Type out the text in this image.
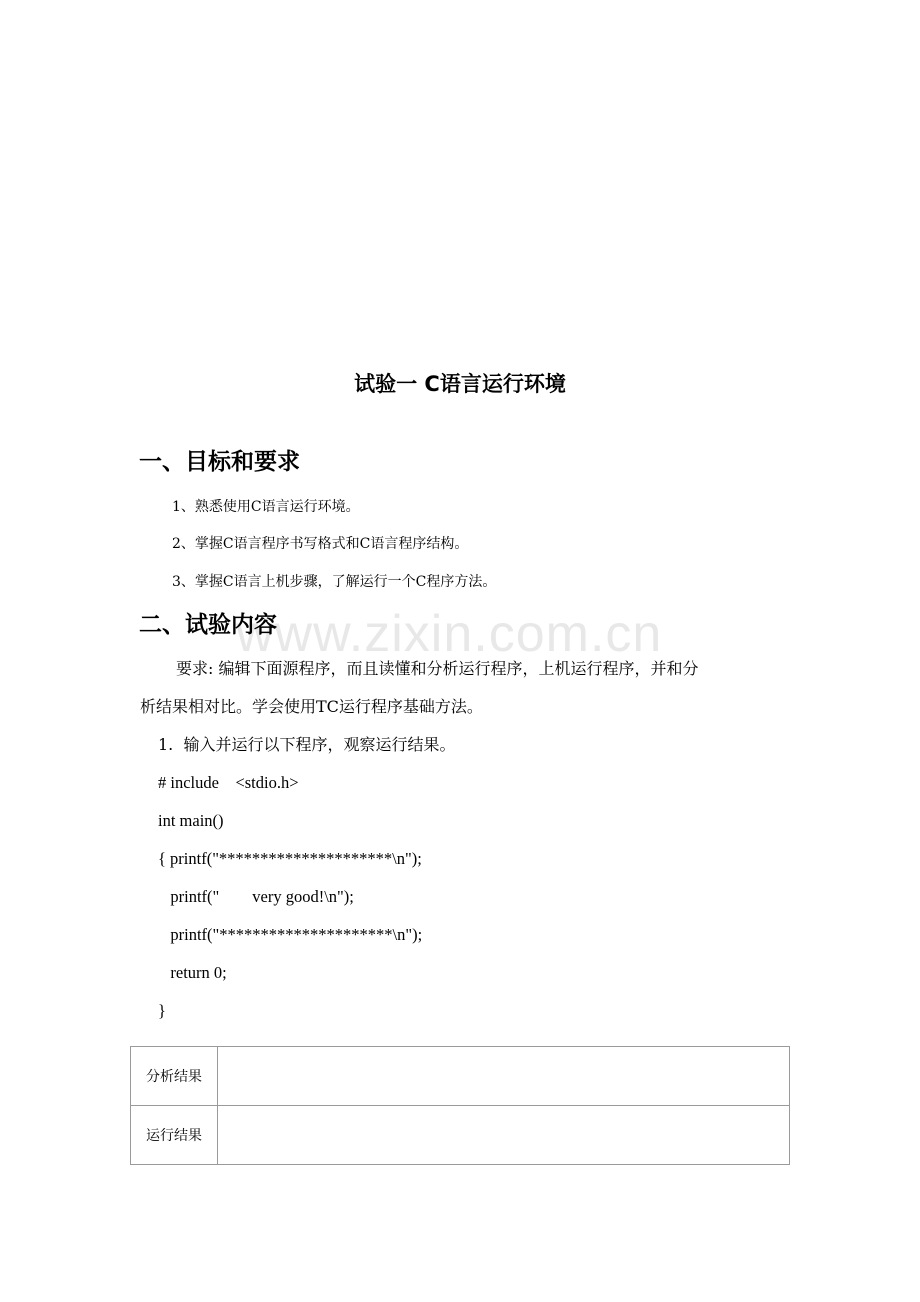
www.zixin.com.cn
试验一 C语言运行环境
一、目标和要求
1、熟悉使用C语言运行环境。
2、掌握C语言程序书写格式和C语言程序结构。
3、掌握C语言上机步骤，了解运行一个C程序方法。
二、试验内容
要求: 编辑下面源程序，而且读懂和分析运行程序，上机运行程序，并和分
析结果相对比。学会使用TC运行程序基础方法。
1.  输入并运行以下程序，观察运行结果。
# include    <stdio.h>
int main()
{ printf("*********************\n");
printf("        very good!\n");
printf("*********************\n");
return 0;
}
分析结果	
运行结果	
